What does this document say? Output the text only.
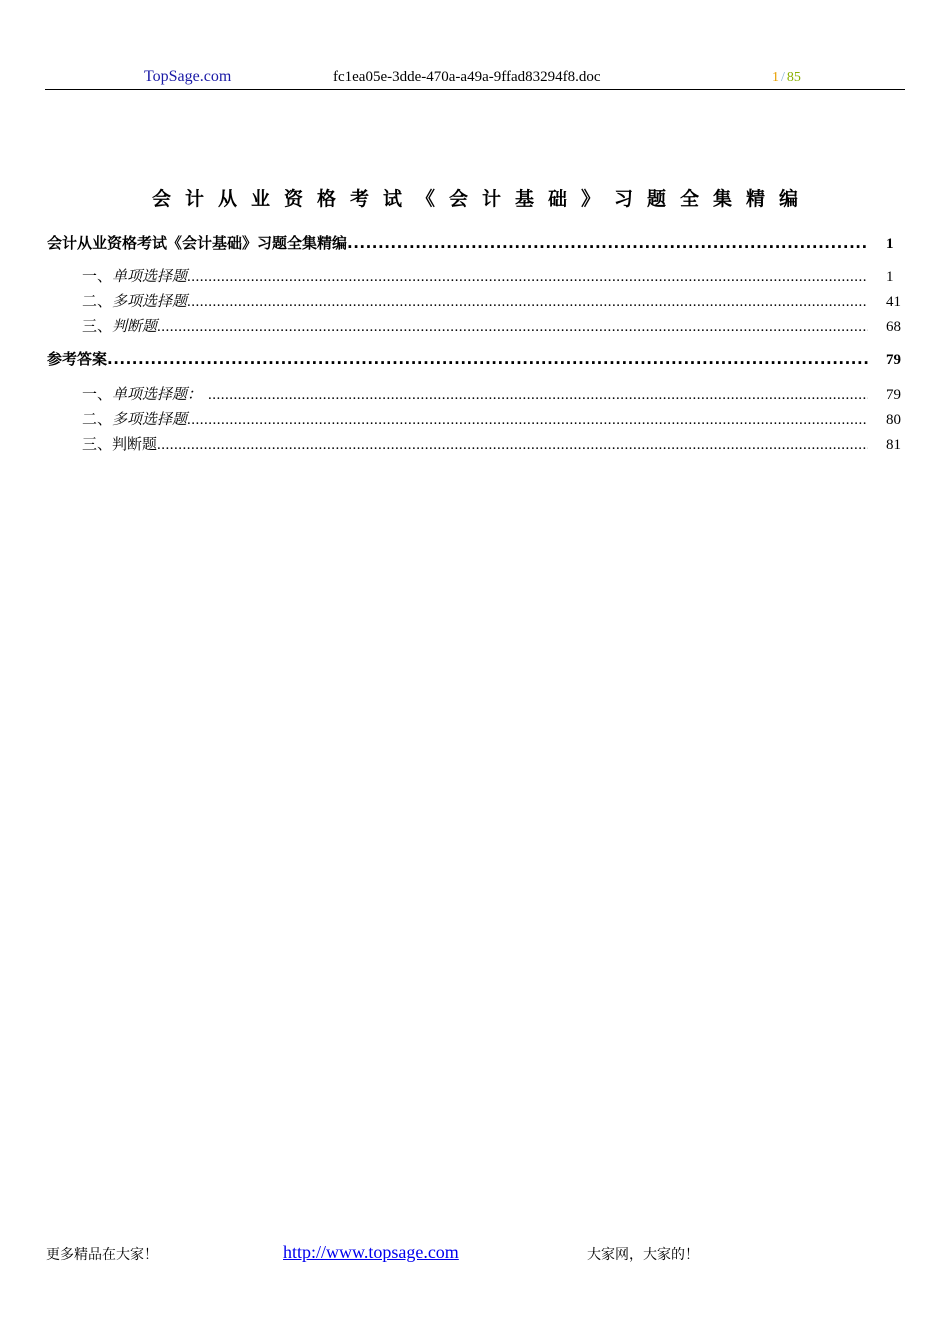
TopSage.com	fc1ea05e-3dde-470a-a49a-9ffad83294f8.doc	1 / 85
会计从业资格考试《会计基础》习题全集精编
会计从业资格考试《会计基础》习题全集精编 .....	1
一、 单项选择题 .....	1
二、 多项选择题 .....	41
三、 判断题 .....	68
参考答案 .....	79
一、 单项选择题： .....	79
二、 多项选择题 .....	80
三、 判断题 .....	81
更多精品在大家！	http://www.topsage.com	大家网，大家的！
